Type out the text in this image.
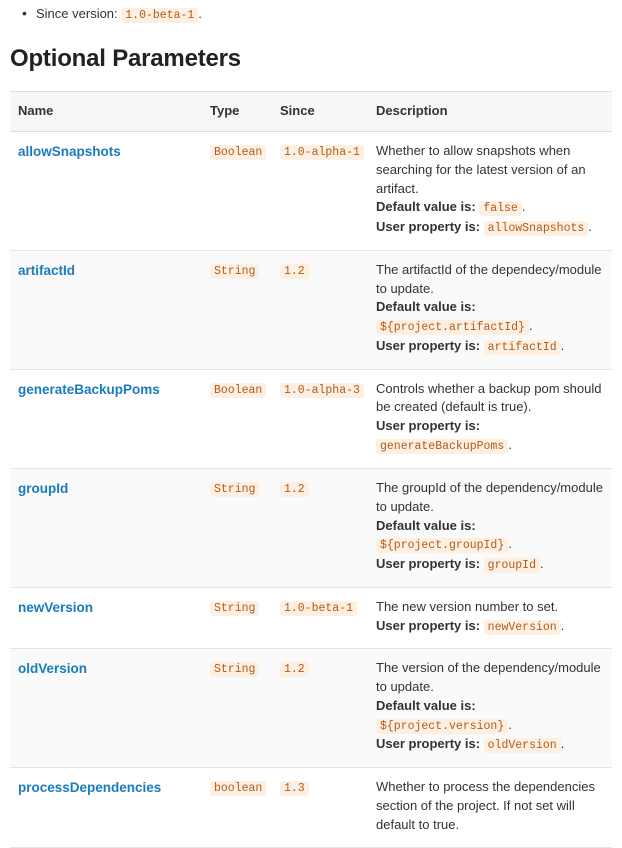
• Since version: 1.0-beta-1 .
Optional Parameters
Name	Type	Since	Description
allowSnapshots	Boolean	1.0-alpha-1	Whether to allow snapshots when searching for the latest version of an artifact.

Default value is: false .

User property is: allowSnapshots .

artifactId	String	1.2	The artifactId of the dependecy/module to update.

Default value is:
${project.artifactId} .

User property is: artifactId .

generateBackupPoms	Boolean	1.0-alpha-3	Controls whether a backup pom should be created (default is true).

User property is:
generateBackupPoms .

groupId	String	1.2	The groupId of the dependency/module to update.

Default value is:
${project.groupId} .

User property is: groupId .

newVersion	String	1.0-beta-1	The new version number to set.

User property is: newVersion .

oldVersion	String	1.2	The version of the dependency/module to update.

Default value is:
${project.version} .

User property is: oldVersion .

processDependencies	boolean	1.3	Whether to process the dependencies section of the project. If not set will default to true.
